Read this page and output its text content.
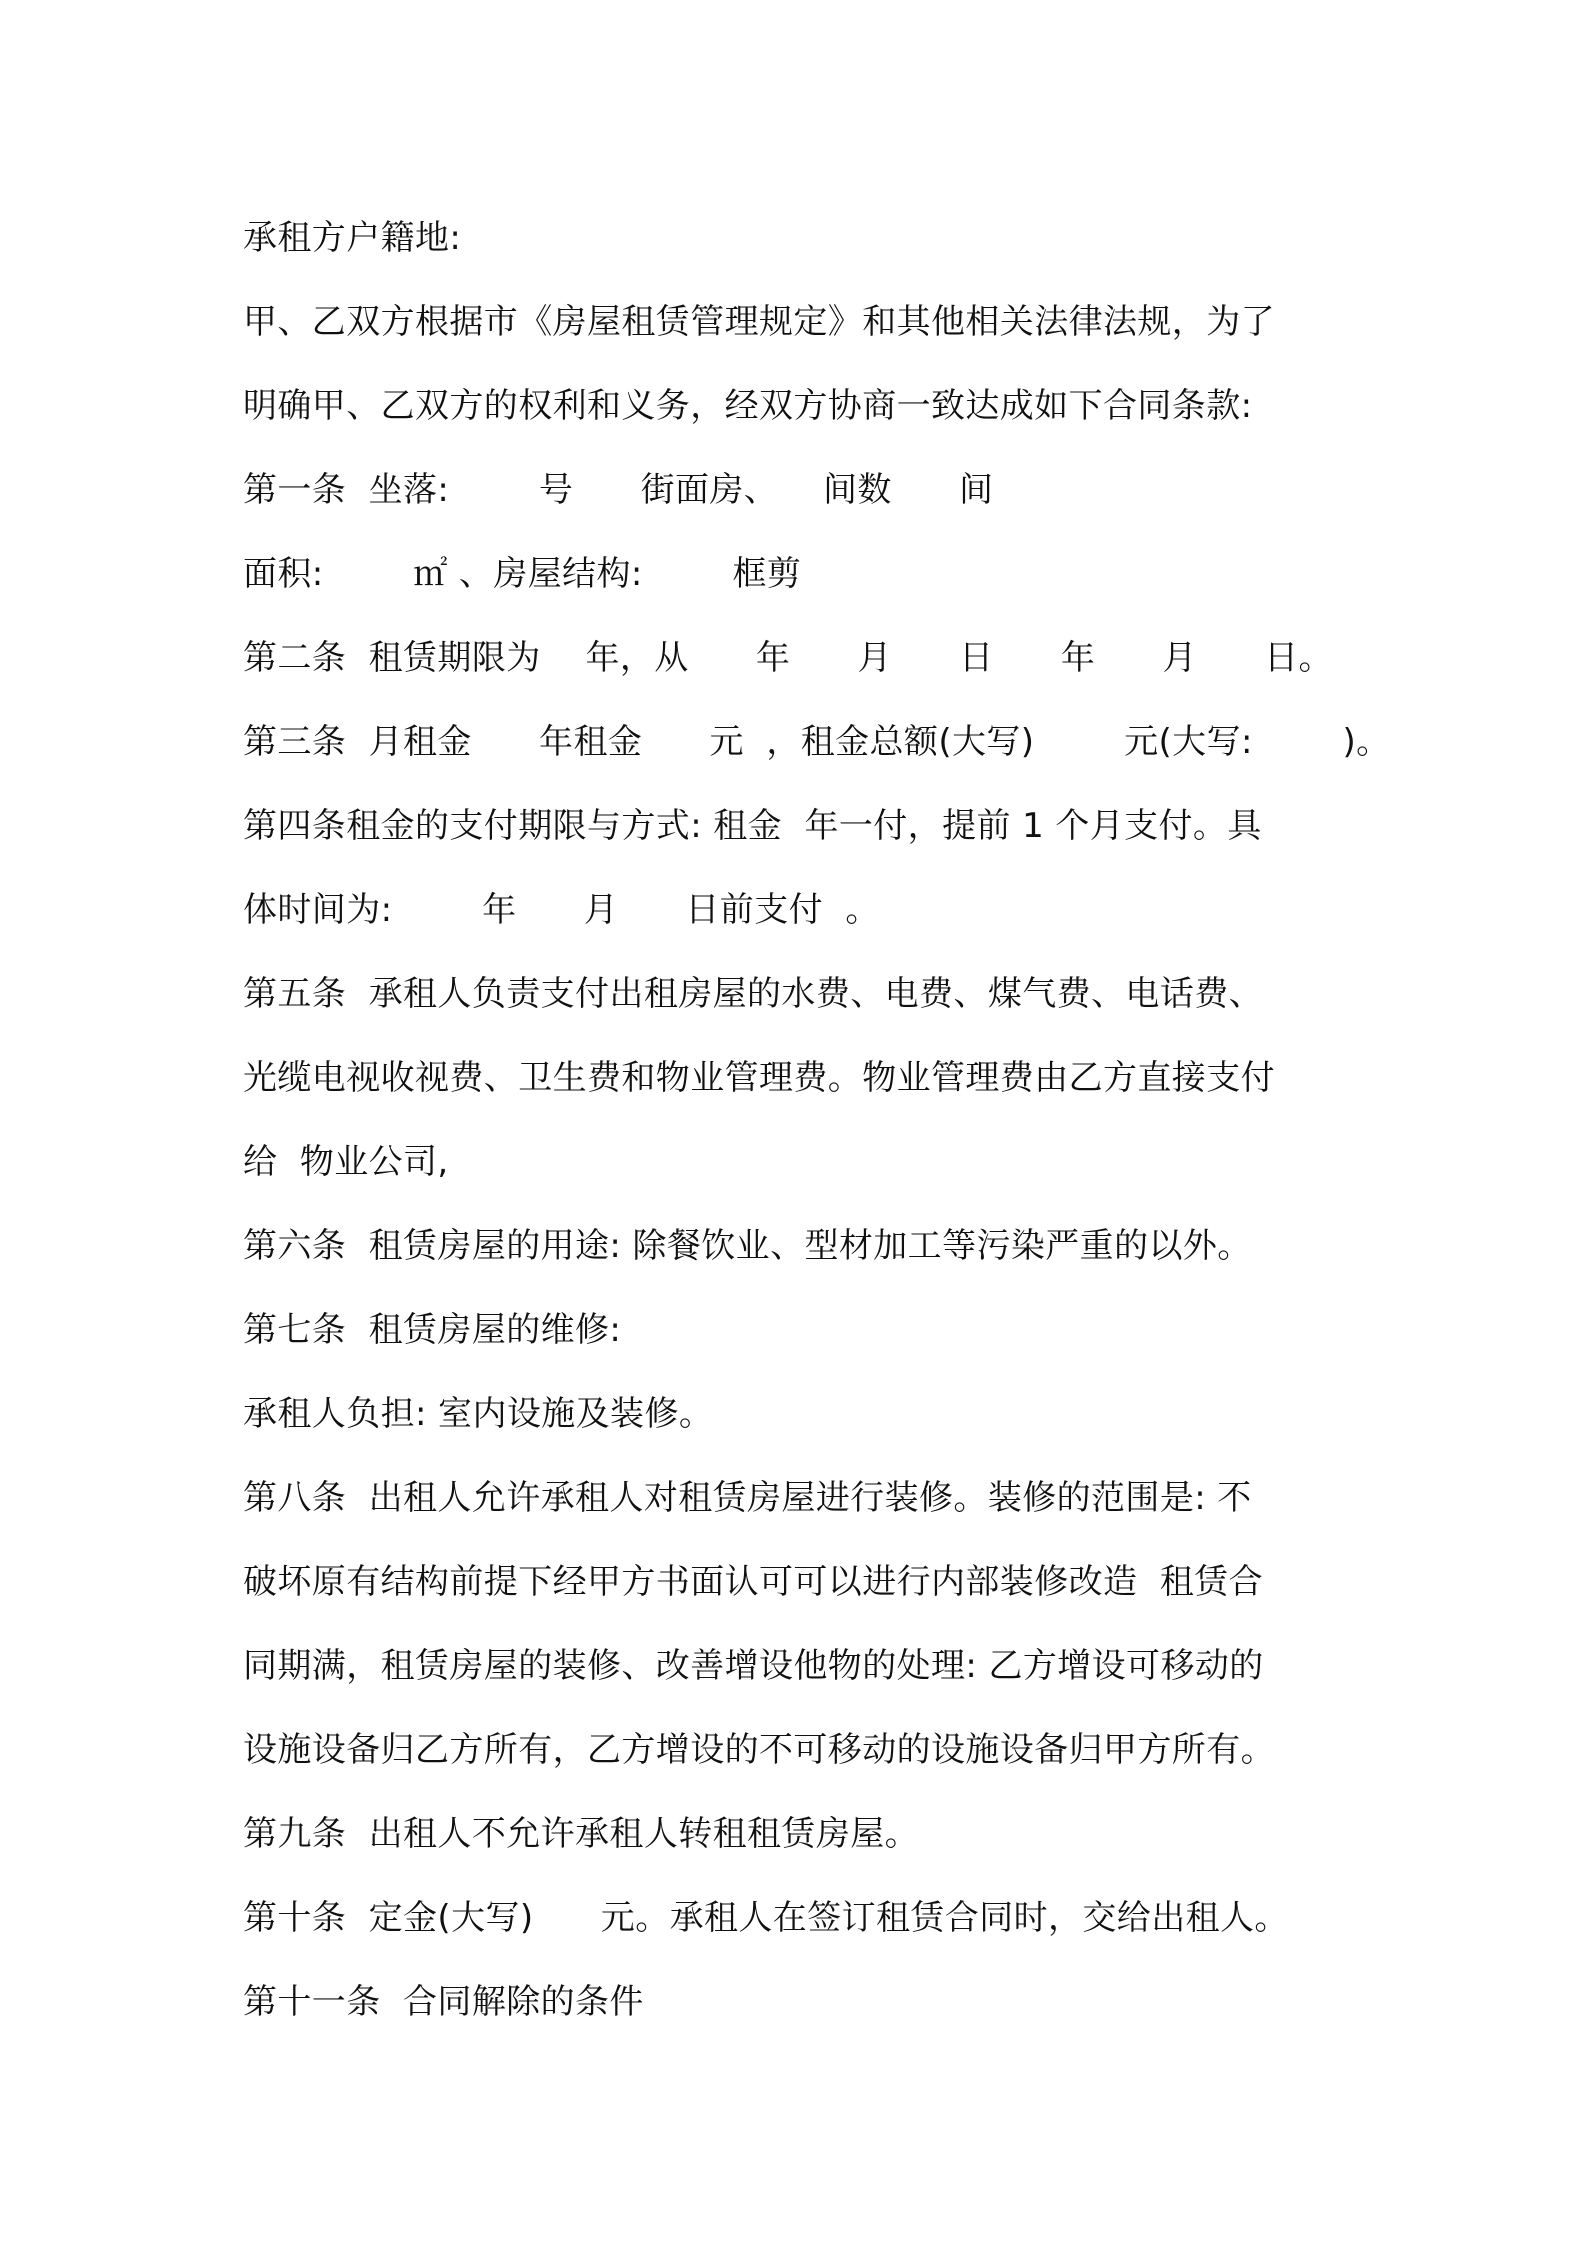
承租方户籍地:
甲、乙双方根据市《房屋租赁管理规定》和其他相关法律法规，为了
明确甲、乙双方的权利和义务，经双方协商一致达成如下合同条款:
第一条  坐落:        号      街面房、    间数      间
面积:        ㎡ 、房屋结构:        框剪
第二条  租赁期限为    年，从      年      月      日      年      月      日。
第三条  月租金      年租金      元  ，租金总额(大写)        元(大写:        )。
第四条租金的支付期限与方式: 租金  年一付，提前 1 个月支付。具
体时间为:        年      月      日前支付  。
第五条  承租人负责支付出租房屋的水费、电费、煤气费、电话费、
光缆电视收视费、卫生费和物业管理费。物业管理费由乙方直接支付
给  物业公司,
第六条  租赁房屋的用途: 除餐饮业、型材加工等污染严重的以外。
第七条  租赁房屋的维修:
承租人负担: 室内设施及装修。
第八条  出租人允许承租人对租赁房屋进行装修。装修的范围是: 不
破坏原有结构前提下经甲方书面认可可以进行内部装修改造  租赁合
同期满，租赁房屋的装修、改善增设他物的处理: 乙方增设可移动的
设施设备归乙方所有，乙方增设的不可移动的设施设备归甲方所有。
第九条  出租人不允许承租人转租租赁房屋。
第十条  定金(大写)      元。承租人在签订租赁合同时，交给出租人。
第十一条  合同解除的条件
